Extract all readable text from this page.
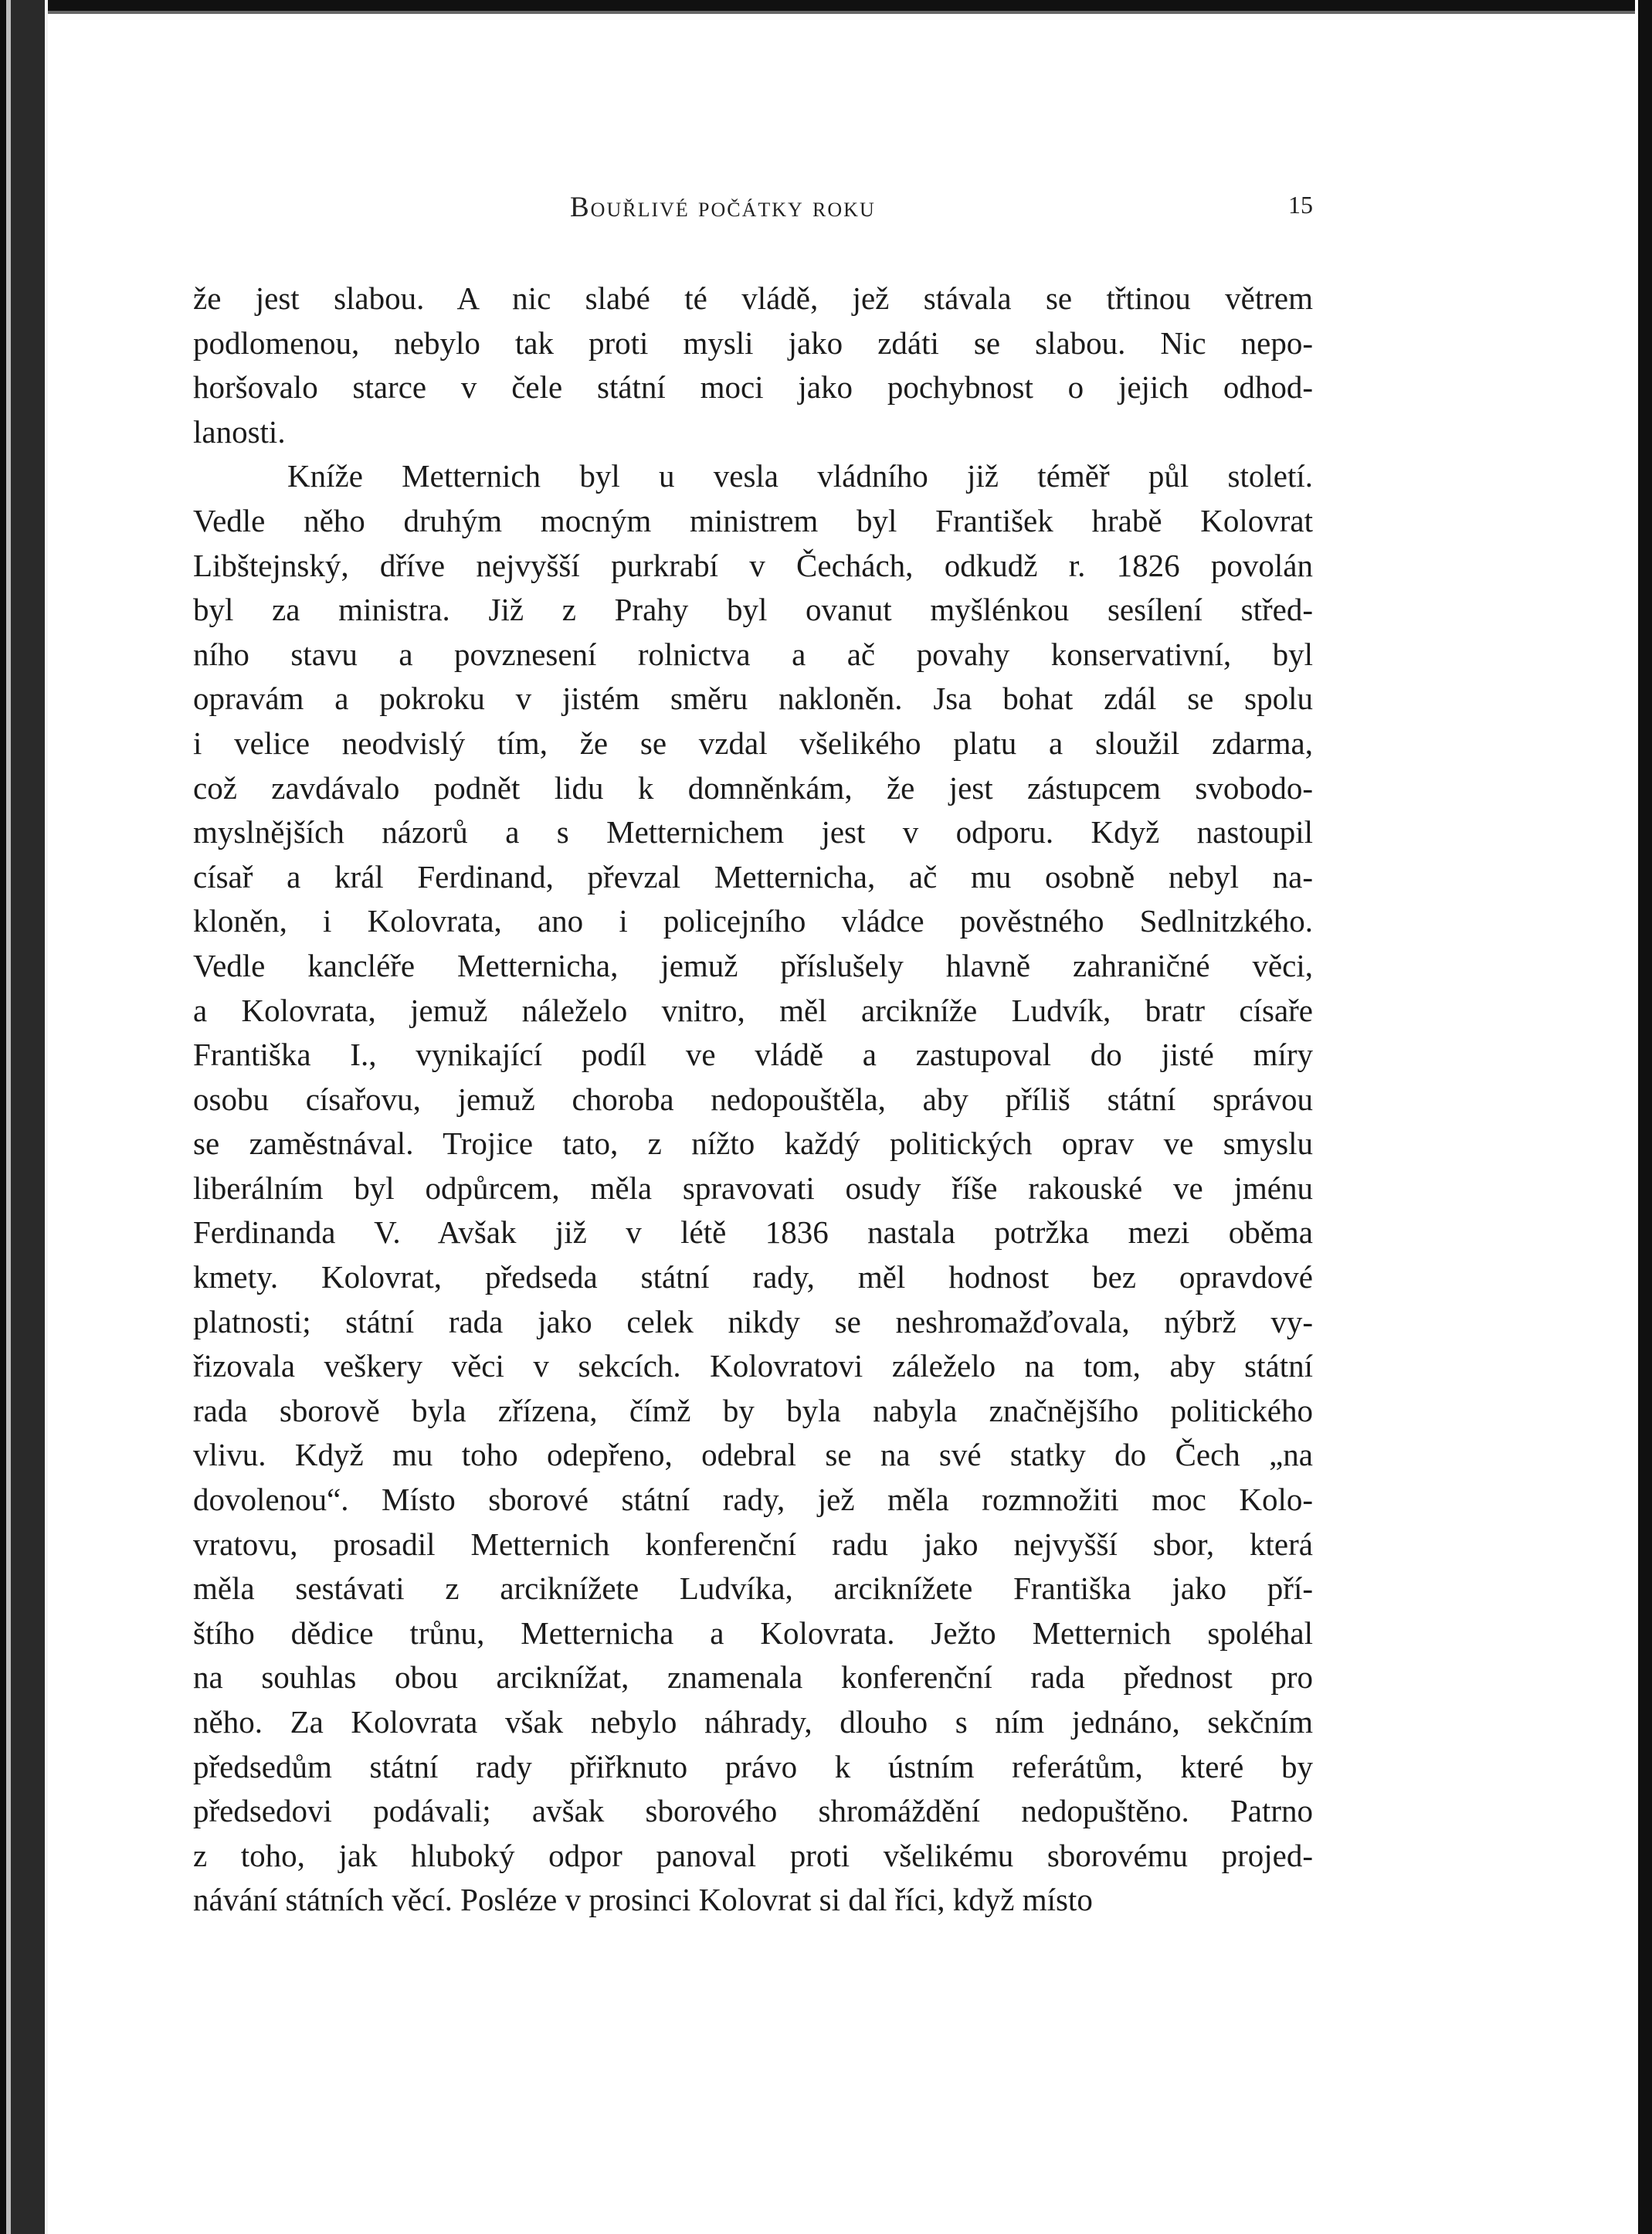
Bouřlivé počátky roku	15
že jest slabou. A nic slabé té vládě, jež stávala se třtinou větrem
podlomenou, nebylo tak proti mysli jako zdáti se slabou. Nic nepo-
horšovalo starce v čele státní moci jako pochybnost o jejich odhod-
lanosti.
Kníže Metternich byl u vesla vládního již téměř půl století.
Vedle něho druhým mocným ministrem byl František hrabě Kolovrat
Libštejnský, dříve nejvyšší purkrabí v Čechách, odkudž r. 1826 povolán
byl za ministra. Již z Prahy byl ovanut myšlénkou sesílení střed-
ního stavu a povznesení rolnictva a ač povahy konservativní, byl
opravám a pokroku v jistém směru nakloněn. Jsa bohat zdál se spolu
i velice neodvislý tím, že se vzdal všelikého platu a sloužil zdarma,
což zavdávalo podnět lidu k domněnkám, že jest zástupcem svobodo-
myslnějších názorů a s Metternichem jest v odporu. Když nastoupil
císař a král Ferdinand, převzal Metternicha, ač mu osobně nebyl na-
kloněn, i Kolovrata, ano i policejního vládce pověstného Sedlnitzkého.
Vedle kancléře Metternicha, jemuž příslušely hlavně zahraničné věci,
a Kolovrata, jemuž náleželo vnitro, měl arcikníže Ludvík, bratr císaře
Františka I., vynikající podíl ve vládě a zastupoval do jisté míry
osobu císařovu, jemuž choroba nedopouštěla, aby příliš státní správou
se zaměstnával. Trojice tato, z nížto každý politických oprav ve smyslu
liberálním byl odpůrcem, měla spravovati osudy říše rakouské ve jménu
Ferdinanda V. Avšak již v létě 1836 nastala potržka mezi oběma
kmety. Kolovrat, předseda státní rady, měl hodnost bez opravdové
platnosti; státní rada jako celek nikdy se neshromažďovala, nýbrž vy-
řizovala veškery věci v sekcích. Kolovratovi záleželo na tom, aby státní
rada sborově byla zřízena, čímž by byla nabyla značnějšího politického
vlivu. Když mu toho odepřeno, odebral se na své statky do Čech „na
dovolenou“. Místo sborové státní rady, jež měla rozmnožiti moc Kolo-
vratovu, prosadil Metternich konferenční radu jako nejvyšší sbor, která
měla sestávati z arciknížete Ludvíka, arciknížete Františka jako pří-
štího dědice trůnu, Metternicha a Kolovrata. Ježto Metternich spoléhal
na souhlas obou arciknížat, znamenala konferenční rada přednost pro
něho. Za Kolovrata však nebylo náhrady, dlouho s ním jednáno, sekčním
předsedům státní rady přiřknuto právo k ústním referátům, které by
předsedovi podávali; avšak sborového shromáždění nedopuštěno. Patrno
z toho, jak hluboký odpor panoval proti všelikému sborovému projed-
návání státních věcí. Posléze v prosinci Kolovrat si dal říci, když místo
